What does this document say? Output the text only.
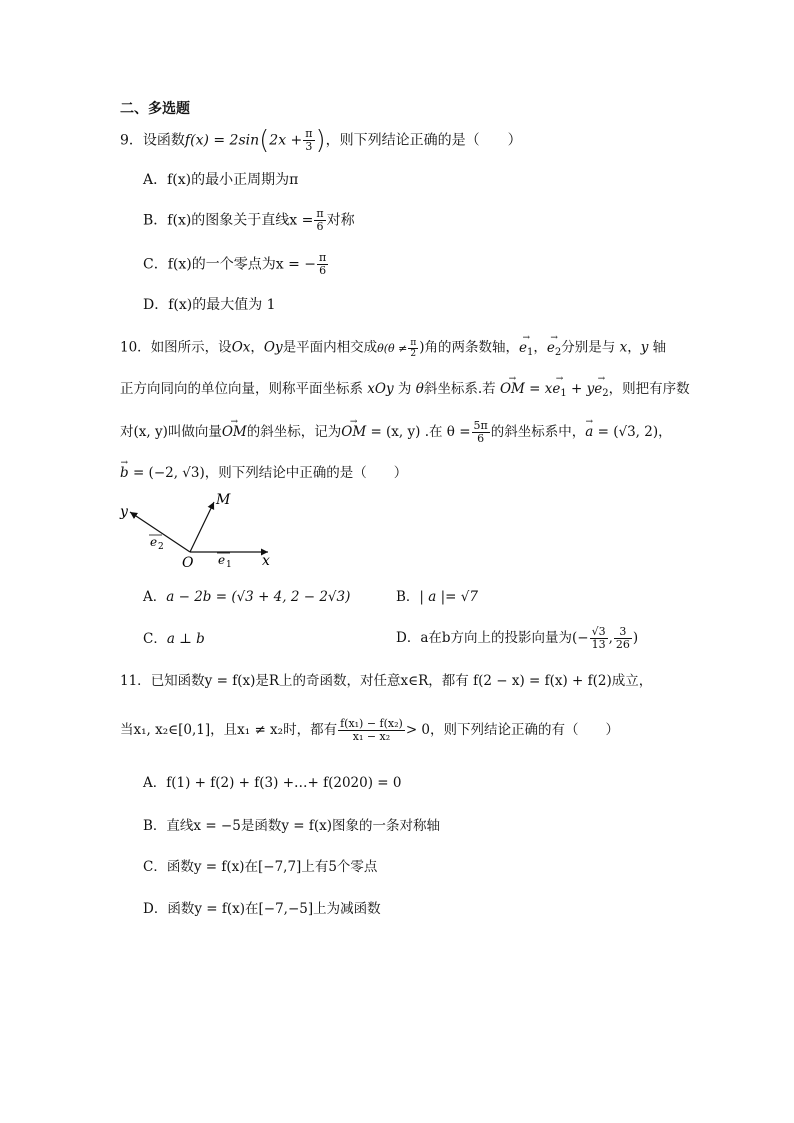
二、多选题
9．设函数$f(x) = 2\sin(2x + \frac{\pi}{3}$ )，则下列结论正确的是（　　）
A．f(x)的最小正周期为π
B．f(x)的图象关于直线$x = \frac{\pi}{6}$ 对称
C．f(x)的一个零点为x = − $\frac{\pi}{6}$
D．f(x)的最大值为 1
10．如图所示，设Ox，Oy是平面内相交成$\theta(\theta \ne \frac{\pi}{2}$ )角的两条数轴，→ $e_1$，→ $e_2$分别是与 x，y 轴
正方向同向的单位向量，则称平面坐标系 xOy 为 θ斜坐标系.若 → OM = $x\to e_1 + y\to e_2$，则把有序数
对(x, y)叫做向量→ OM的斜坐标，记为→ OM = (x, y) .在 $\theta = \frac{5\pi}{6}$ 的斜坐标系中，→ a = (√3, 2)，
→ b = (−2, √3)，则下列结论中正确的是（　　）
y
M
O	x
e 1
e 2
A．a − 2b = (√3 + 4, 2 − 2√3)	B．| a |= √7
C．a ⊥ b	D．a在b方向上的投影向量为(− $\frac{√3}{13}$ , $\frac{3}{26}$ )
11．已知函数y = f(x)是R上的奇函数，对任意x∈R，都有 f(2 − x) = f(x) + f(2)成立，
当x₁, x₂∈[0,1]，且x₁ ≠ x₂时，都有 $\frac{\text{f(x₁) − f(x₂)}}{\text{x₁ − x₂}} > 0$，则下列结论正确的有（　　）
A．f(1) + f(2) + f(3) +…+ f(2020) = 0
B．直线x = −5是函数y = f(x)图象的一条对称轴
C．函数y = f(x)在[−7,7]上有5个零点
D．函数y = f(x)在[−7,−5]上为减函数
